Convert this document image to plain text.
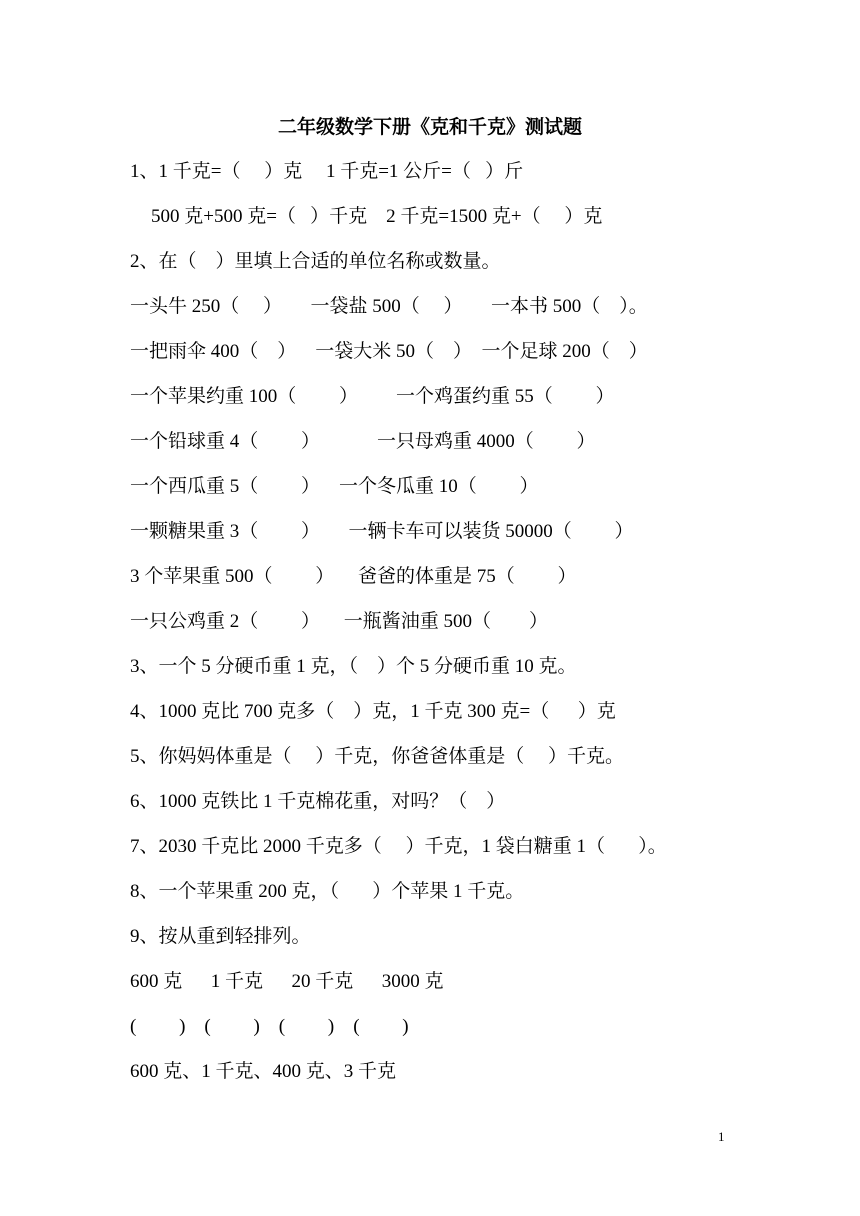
二年级数学下册《克和千克》测试题
1、1 千克=（     ）克     1 千克=1 公斤=（   ）斤
500 克+500 克=（   ）千克    2 千克=1500 克+（     ）克
2、在（    ）里填上合适的单位名称或数量。
一头牛 250（     ）      一袋盐 500（     ）      一本书 500（    ）。
一把雨伞 400（    ）    一袋大米 50（    ）  一个足球 200（    ）
一个苹果约重 100（         ）        一个鸡蛋约重 55（         ）
一个铅球重 4（         ）            一只母鸡重 4000（         ）
一个西瓜重 5（         ）    一个冬瓜重 10（         ）
一颗糖果重 3（         ）      一辆卡车可以装货 50000（         ）
3 个苹果重 500（         ）     爸爸的体重是 75（         ）
一只公鸡重 2（         ）     一瓶酱油重 500（        ）
3、一个 5 分硬币重 1 克，（    ）个 5 分硬币重 10 克。
4、1000 克比 700 克多（    ）克，1 千克 300 克=（      ）克
5、你妈妈体重是（     ）千克，你爸爸体重是（     ）千克。
6、1000 克铁比 1 千克棉花重，对吗？（    ）
7、2030 千克比 2000 千克多（     ）千克，1 袋白糖重 1（       ）。
8、一个苹果重 200 克，（       ）个苹果 1 千克。
9、按从重到轻排列。
600 克      1 千克      20 千克      3000 克
(         )    (         )    (         )    (         )
600 克、1 千克、400 克、3 千克
1
